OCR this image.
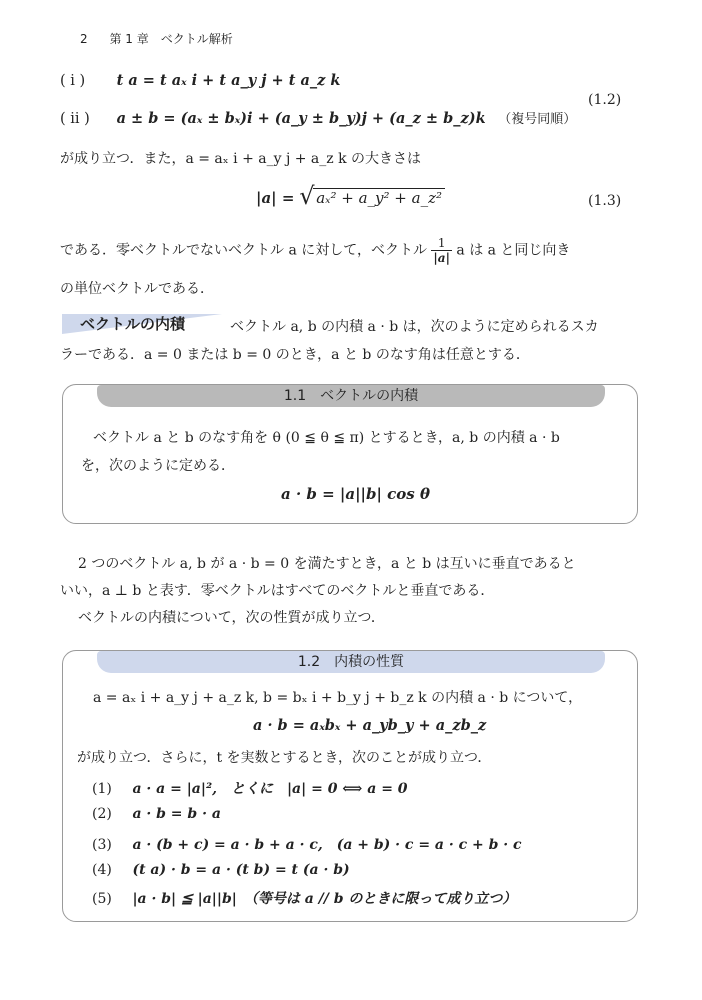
2 第 1 章　ベクトル解析
( i ) t a = t aₓ i + t a_y j + t a_z k
( ii ) a ± b = (aₓ ± bₓ)i + (a_y ± b_y)j + (a_z ± b_z)k （複号同順）
(1.2)
が成り立つ．また，a = aₓ i + a_y j + a_z k の大きさは
|a| = √ aₓ² + a_y² + a_z²	(1.3)
である．零ベクトルでないベクトル a に対して，ベクトル $\frac{1}{|a|}$ a は a と同じ向き
の単位ベクトルである．
ベクトルの内積	ベクトル a, b の内積 a · b は，次のように定められるスカ
ラーである．a = 0 または b = 0 のとき，a と b のなす角は任意とする．
1.1　ベクトルの内積
ベクトル a と b のなす角を θ (0 ≦ θ ≦ π) とするとき，a, b の内積 a · b
を，次のように定める．
a · b = |a||b| cos θ
2 つのベクトル a, b が a · b = 0 を満たすとき，a と b は互いに垂直であると
いい，a ⊥ b と表す．零ベクトルはすべてのベクトルと垂直である．
ベクトルの内積について，次の性質が成り立つ．
1.2　内積の性質
a = aₓ i + a_y j + a_z k, b = bₓ i + b_y j + b_z k の内積 a · b について，
a · b = aₓbₓ + a_yb_y + a_zb_z
が成り立つ．さらに，t を実数とするとき，次のことが成り立つ．
(1) a · a = |a|²,　とくに　|a| = 0 ⟺ a = 0
(2) a · b = b · a
(3) a · (b + c) = a · b + a · c,　(a + b) · c = a · c + b · c
(4) (t a) · b = a · (t b) = t (a · b)
(5) |a · b| ≦ |a||b|　（等号は a // b のときに限って成り立つ）
